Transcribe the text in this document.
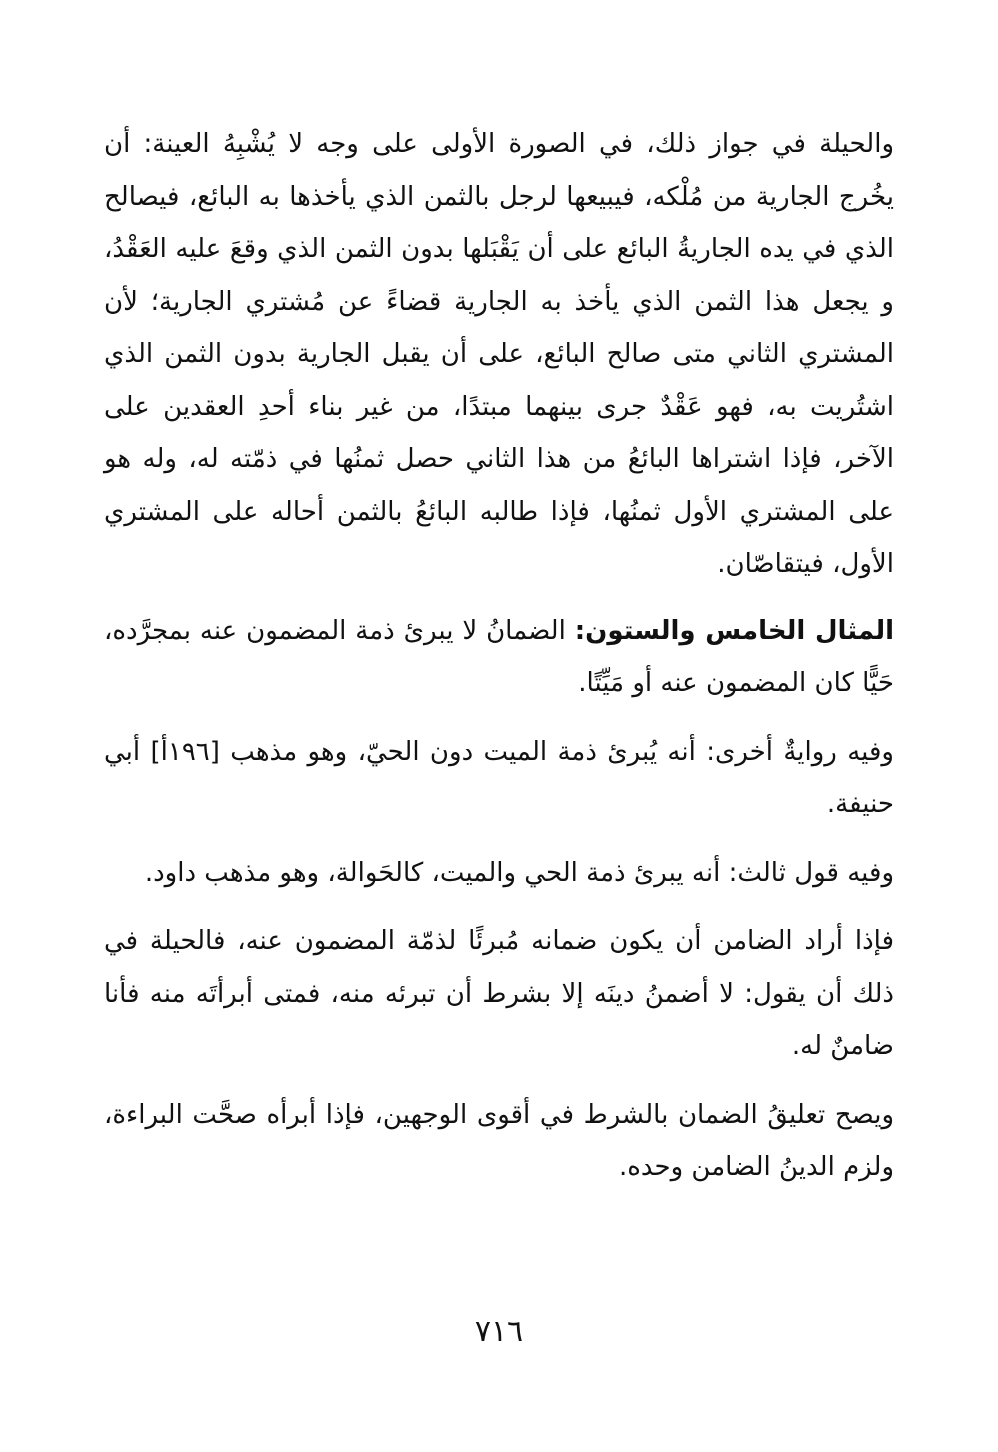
والحيلة في جواز ذلك، في الصورة الأولى على وجه لا يُشْبِهُ العينة: أن يخُرج الجارية من مُلْكه، فيبيعها لرجل بالثمن الذي يأخذها به البائع، فيصالح الذي في يده الجاريةُ البائع على أن يَقْبَلها بدون الثمن الذي وقعَ عليه العَقْدُ، و يجعل هذا الثمن الذي يأخذ به الجارية قضاءً عن مُشتري الجارية؛ لأن المشتري الثاني متى صالح البائع، على أن يقبل الجارية بدون الثمن الذي اشتُريت به، فهو عَقْدٌ جرى بينهما مبتدًا، من غير بناء أحدِ العقدين على الآخر، فإذا اشتراها البائعُ من هذا الثاني حصل ثمنُها في ذمّته له، وله هو على المشتري الأول ثمنُها، فإذا طالبه البائعُ بالثمن أحاله على المشتري الأول، فيتقاصّان.

المثال الخامس والستون: الضمانُ لا يبرئ ذمة المضمون عنه بمجرَّده، حَيًّا كان المضمون عنه أو مَيِّتًا.

وفيه روايةٌ أخرى: أنه يُبرئ ذمة الميت دون الحيّ، وهو مذهب [١٩٦أ] أبي حنيفة.

وفيه قول ثالث: أنه يبرئ ذمة الحي والميت، كالحَوالة، وهو مذهب داود.

فإذا أراد الضامن أن يكون ضمانه مُبرئًا لذمّة المضمون عنه، فالحيلة في ذلك أن يقول: لا أضمنُ دينَه إلا بشرط أن تبرئه منه، فمتى أبرأتَه منه فأنا ضامنٌ له.

ويصح تعليقُ الضمان بالشرط في أقوى الوجهين، فإذا أبرأه صحَّت البراءة، ولزم الدينُ الضامن وحده.

٧١٦
